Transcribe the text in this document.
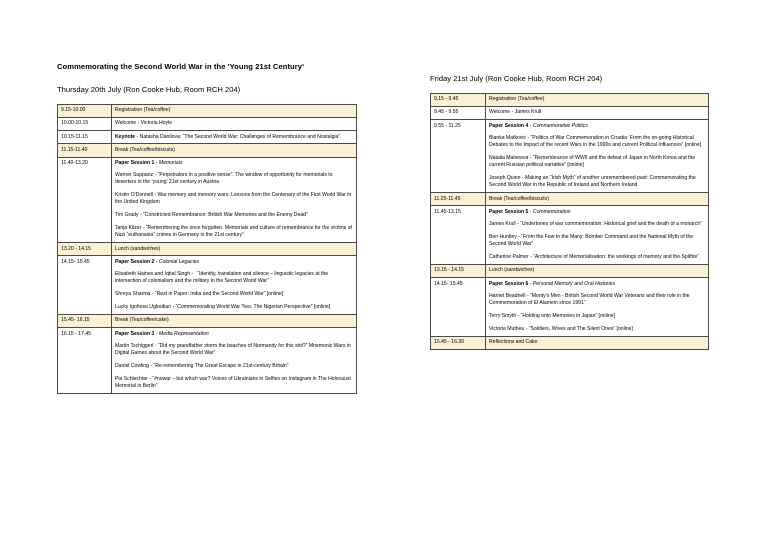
Commemorating the Second World War in the 'Young 21st Century'
Thursday 20th July (Ron Cooke Hub, Room RCH 204)
9.15-10.00	Registration (Tea/coffee)

10.00-10.15	Welcome - Victoria Hoyle

10.15-11.15	Keynote - Natasha Danilova: “The Second World War: Challenges of Remembrance and Nostalgia”

11.15-11.40	Break (Tea/coffee/biscuits)

11.40-13.20	Paper Session 1 - Memorials
Werner Suppanz - “Perpetrators in a positive sense”. The window of opportunity for memorials to deserters in the ‘young’ 21st century in Austria
Kristin O’Donnell - War memory and memory wars: Lessons from the Centenary of the First World War in the United Kingdom
Tim Grady - “Constricted Remembrance: British War Memories and the Enemy Dead”
Tanja Kilzer - “Remembering the once forgotten. Memorials and culture of remembrance for the victims of Nazi “euthanasia” crimes in Germany in the 21st century”

13.20 - 14.15	Lunch (sandwiches)

14.15- 15.45	Paper Session 2 - Colonial Legacies
Elisabeth Haines and Iqbal Singh -   “Identity, translation and silence – linguistic legacies at the intersection of colonialism and the military in the Second World War”
Shreya Sharma - “Rest in Paper: India and the Second World War” [online]
Lucky Igohosa Ugbudian - “Commemorating World War Two: The Nigerian Perspective” [online]

15.45- 16.15	Break (Tea/coffee/cake)

16.15 - 17.45	Paper Session 3 - Media Representation
Martin Tschiggerl - “Did my grandfather storm the beaches of Normandy for this shit?” Mnemonic Wars in Digital Games about the Second World War”
Daniel Cowling - “Re-remembering The Great Escape in 21st-century Britain”
Pia Schlechter - “#nowar – but which war? Voices of Ukrainians in Selfies on Instagram in The Holocaust Memorial in Berlin”
Friday 21st July (Ron Cooke Hub, Room RCH 204)
9.15 - 9.45	Registration (Tea/coffee)

9.45 - 9.55	Welcome - James Krull

9.55 - 11.25	Paper Session 4 - Commemorative Politics
Blanka Matkovic - “Politics of War Commemoration in Croatia: From the on-going Historical Debates to the Impact of the recent Wars in the 1990s and current Political Influences” [online]
Natalia Matveeva - “Remembrance of WWII and the defeat of Japan in North Korea and the current Russian political narrative” [online]
Joseph Quinn - Making an “Irish Myth” of another unremembered past: Commemorating the Second World War in the Republic of Ireland and Northern Ireland

11.25-11.45	Break (Tea/coffee/biscuits)

11.45-13.15	Paper Session 5 - Commemoration
James Krull - “Undertones of war commemoration: Historical grief and the death of a monarch”
Ben Huntley - “From the Few to the Many: Bomber Command and the National Myth of the Second World War”
Catherine Palmer - “Architecture of Memorialisation: the workings of memory and the Spitfire”

13.15 - 14.15	Lunch (sandwiches)

14.15- 15.45	Paper Session 6 - Personal Memory and Oral Histories
Harriet Beadnell - “Monty’s Men - British Second World War Veterans and their role in the Commemoration of El Alamein since 1991”
Terry Smyth - “Holding onto Memories in Japan” [online]
Victoria Mutheu - “Soldiers, Wives and The Silent Ones” [online]

15.45 - 16.30	Reflections and Cake
